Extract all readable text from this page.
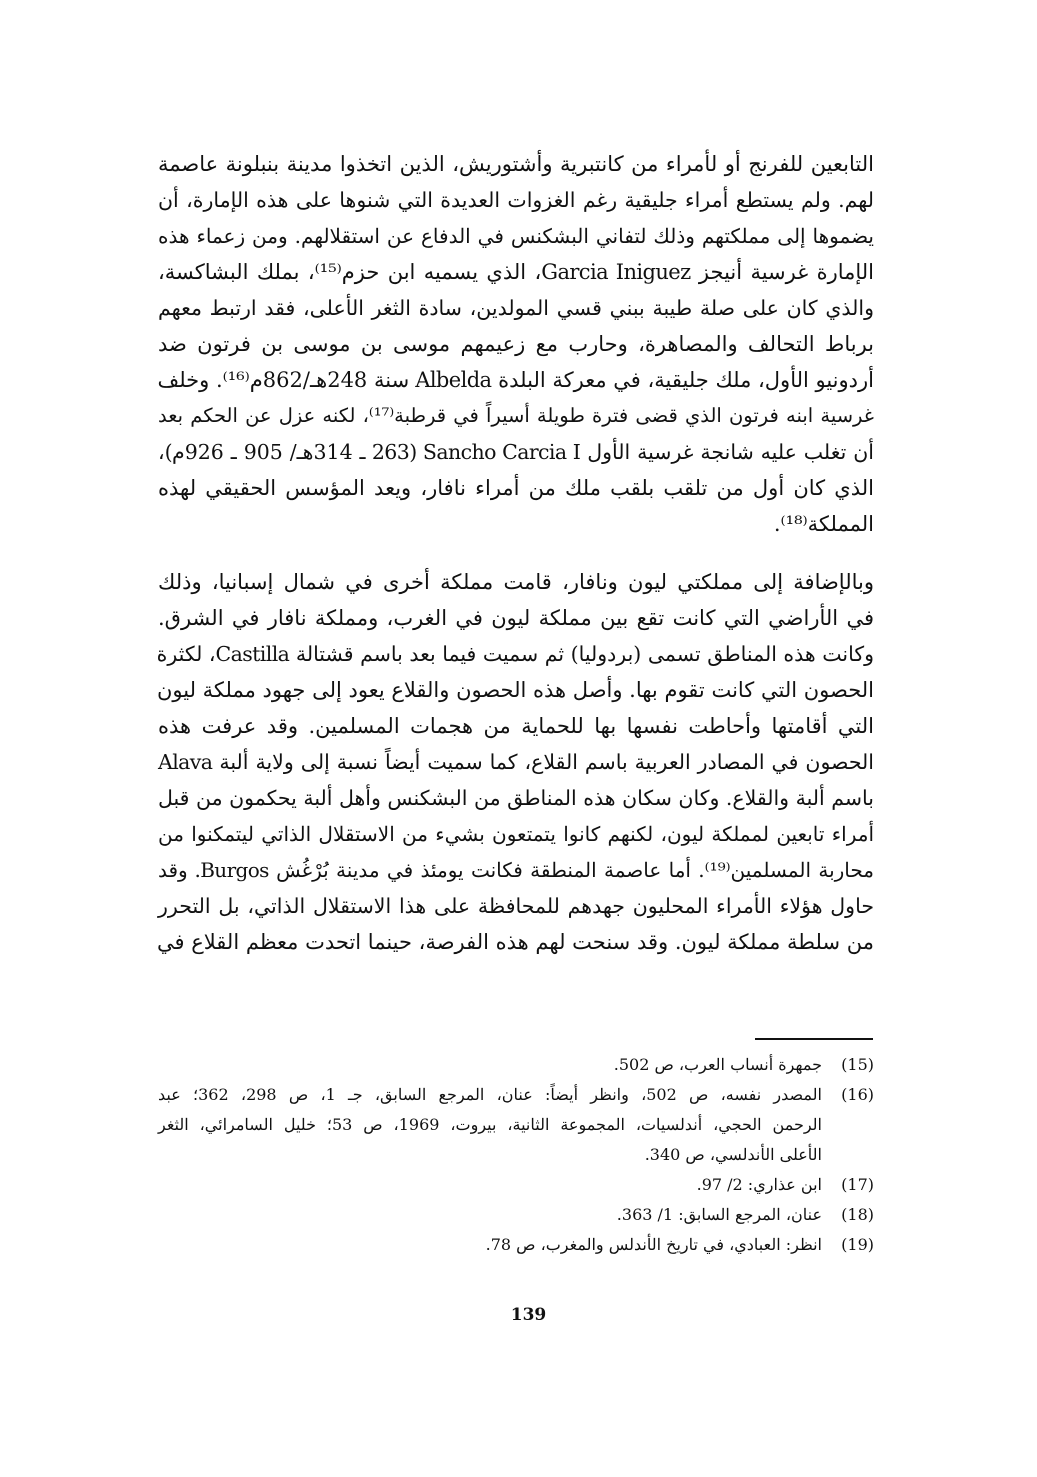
التابعين للفرنج أو لأمراء من كانتبرية وأشتوريش، الذين اتخذوا مدينة بنبلونة عاصمة
لهم. ولم يستطع أمراء جليقية رغم الغزوات العديدة التي شنوها على هذه الإمارة، أن
يضموها إلى مملكتهم وذلك لتفاني البشكنس في الدفاع عن استقلالهم. ومن زعماء هذه
الإمارة غرسية أنيجز Garcia Iniguez، الذي يسميه ابن حزم⁽¹⁵⁾، بملك البشاكسة،
والذي كان على صلة طيبة ببني قسي المولدين، سادة الثغر الأعلى، فقد ارتبط معهم
برباط التحالف والمصاهرة، وحارب مع زعيمهم موسى بن موسى بن فرتون ضد
أردونيو الأول، ملك جليقية، في معركة البلدة Albelda سنة 248هـ/862م⁽¹⁶⁾. وخلف
غرسية ابنه فرتون الذي قضى فترة طويلة أسيراً في قرطبة⁽¹⁷⁾، لكنه عزل عن الحكم بعد
أن تغلب عليه شانجة غرسية الأول Sancho Carcia I (263 ـ 314هـ/ 905 ـ 926م)،
الذي كان أول من تلقب بلقب ملك من أمراء نافار، ويعد المؤسس الحقيقي لهذه
المملكة⁽¹⁸⁾.
وبالإضافة إلى مملكتي ليون ونافار، قامت مملكة أخرى في شمال إسبانيا، وذلك
في الأراضي التي كانت تقع بين مملكة ليون في الغرب، ومملكة نافار في الشرق.
وكانت هذه المناطق تسمى (بردوليا) ثم سميت فيما بعد باسم قشتالة Castilla، لكثرة
الحصون التي كانت تقوم بها. وأصل هذه الحصون والقلاع يعود إلى جهود مملكة ليون
التي أقامتها وأحاطت نفسها بها للحماية من هجمات المسلمين. وقد عرفت هذه
الحصون في المصادر العربية باسم القلاع، كما سميت أيضاً نسبة إلى ولاية ألبة Alava
باسم ألبة والقلاع. وكان سكان هذه المناطق من البشكنس وأهل ألبة يحكمون من قبل
أمراء تابعين لمملكة ليون، لكنهم كانوا يتمتعون بشيء من الاستقلال الذاتي ليتمكنوا من
محاربة المسلمين⁽¹⁹⁾. أما عاصمة المنطقة فكانت يومئذ في مدينة بُرْغُش Burgos. وقد
حاول هؤلاء الأمراء المحليون جهدهم للمحافظة على هذا الاستقلال الذاتي، بل التحرر
من سلطة مملكة ليون. وقد سنحت لهم هذه الفرصة، حينما اتحدت معظم القلاع في
(15)
جمهرة أنساب العرب، ص 502.
(16)
المصدر نفسه، ص 502، وانظر أيضاً: عنان، المرجع السابق، جـ 1، ص 298، 362؛ عبد
الرحمن الحجي، أندلسيات، المجموعة الثانية، بيروت، 1969، ص 53؛ خليل السامرائي، الثغر
الأعلى الأندلسي، ص 340.
(17)
ابن عذاري: 2/ 97.
(18)
عنان، المرجع السابق: 1/ 363.
(19)
انظر: العبادي، في تاريخ الأندلس والمغرب، ص 78.
139
